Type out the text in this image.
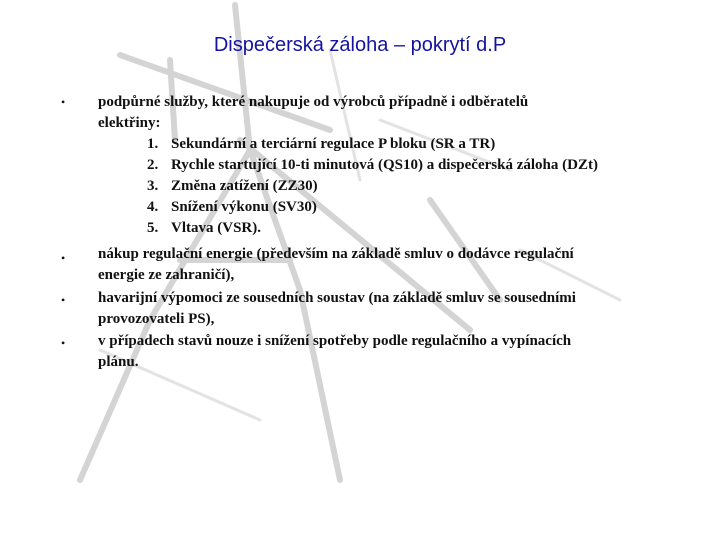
Dispečerská záloha – pokrytí d.P
• podpůrné služby, které nakupuje od výrobců případně i odběratelů
elektřiny:
1. Sekundární a terciární regulace P bloku (SR a TR)
2. Rychle startující 10-ti minutová (QS10) a dispečerská záloha (DZt)
3. Změna zatížení (ZZ30)
4. Snížení výkonu (SV30)
5. Vltava (VSR).
• nákup regulační energie (především na základě smluv o dodávce regulační
energie ze zahraničí),
• havarijní výpomoci ze sousedních soustav (na základě smluv se sousedními
provozovateli PS),
• v případech stavů nouze i snížení spotřeby podle regulačního a vypínacích
plánu.
